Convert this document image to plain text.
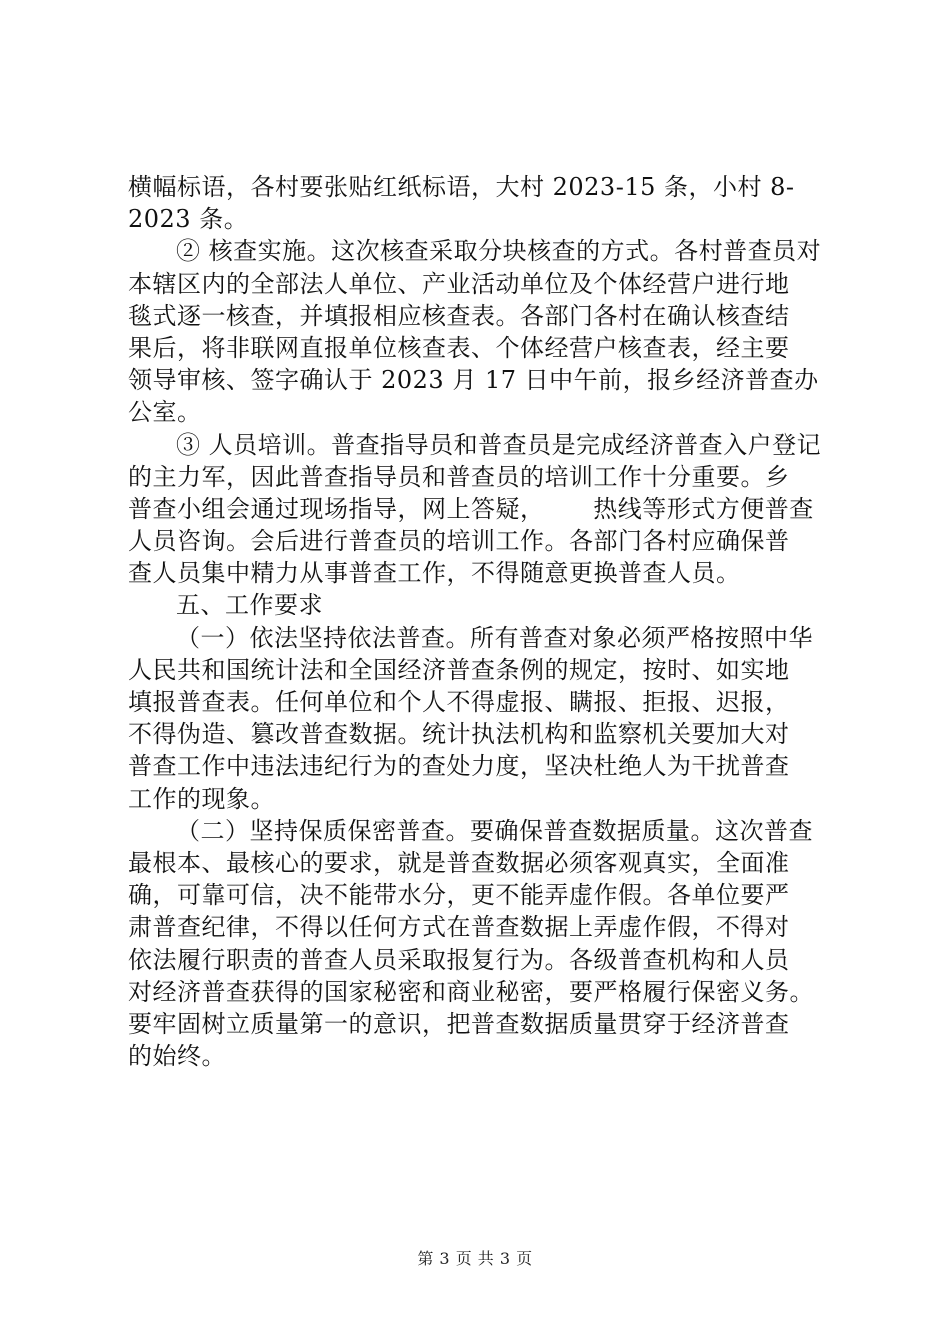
横幅标语，各村要张贴红纸标语，大村 2023-15 条，小村 8-
2023 条。
② 核查实施。这次核查采取分块核查的方式。各村普查员对
本辖区内的全部法人单位、产业活动单位及个体经营户进行地
毯式逐一核查，并填报相应核查表。各部门各村在确认核查结
果后，将非联网直报单位核查表、个体经营户核查表，经主要
领导审核、签字确认于 2023 月 17 日中午前，报乡经济普查办
公室。
③ 人员培训。普查指导员和普查员是完成经济普查入户登记
的主力军，因此普查指导员和普查员的培训工作十分重要。乡
普查小组会通过现场指导，网上答疑，      热线等形式方便普查
人员咨询。会后进行普查员的培训工作。各部门各村应确保普
查人员集中精力从事普查工作，不得随意更换普查人员。
五、工作要求
（一）依法坚持依法普查。所有普查对象必须严格按照中华
人民共和国统计法和全国经济普查条例的规定，按时、如实地
填报普查表。任何单位和个人不得虚报、瞒报、拒报、迟报，
不得伪造、篡改普查数据。统计执法机构和监察机关要加大对
普查工作中违法违纪行为的查处力度，坚决杜绝人为干扰普查
工作的现象。
（二）坚持保质保密普查。要确保普查数据质量。这次普查
最根本、最核心的要求，就是普查数据必须客观真实，全面准
确，可靠可信，决不能带水分，更不能弄虚作假。各单位要严
肃普查纪律，不得以任何方式在普查数据上弄虚作假，不得对
依法履行职责的普查人员采取报复行为。各级普查机构和人员
对经济普查获得的国家秘密和商业秘密，要严格履行保密义务。
要牢固树立质量第一的意识，把普查数据质量贯穿于经济普查
的始终。
第 3 页 共 3 页
